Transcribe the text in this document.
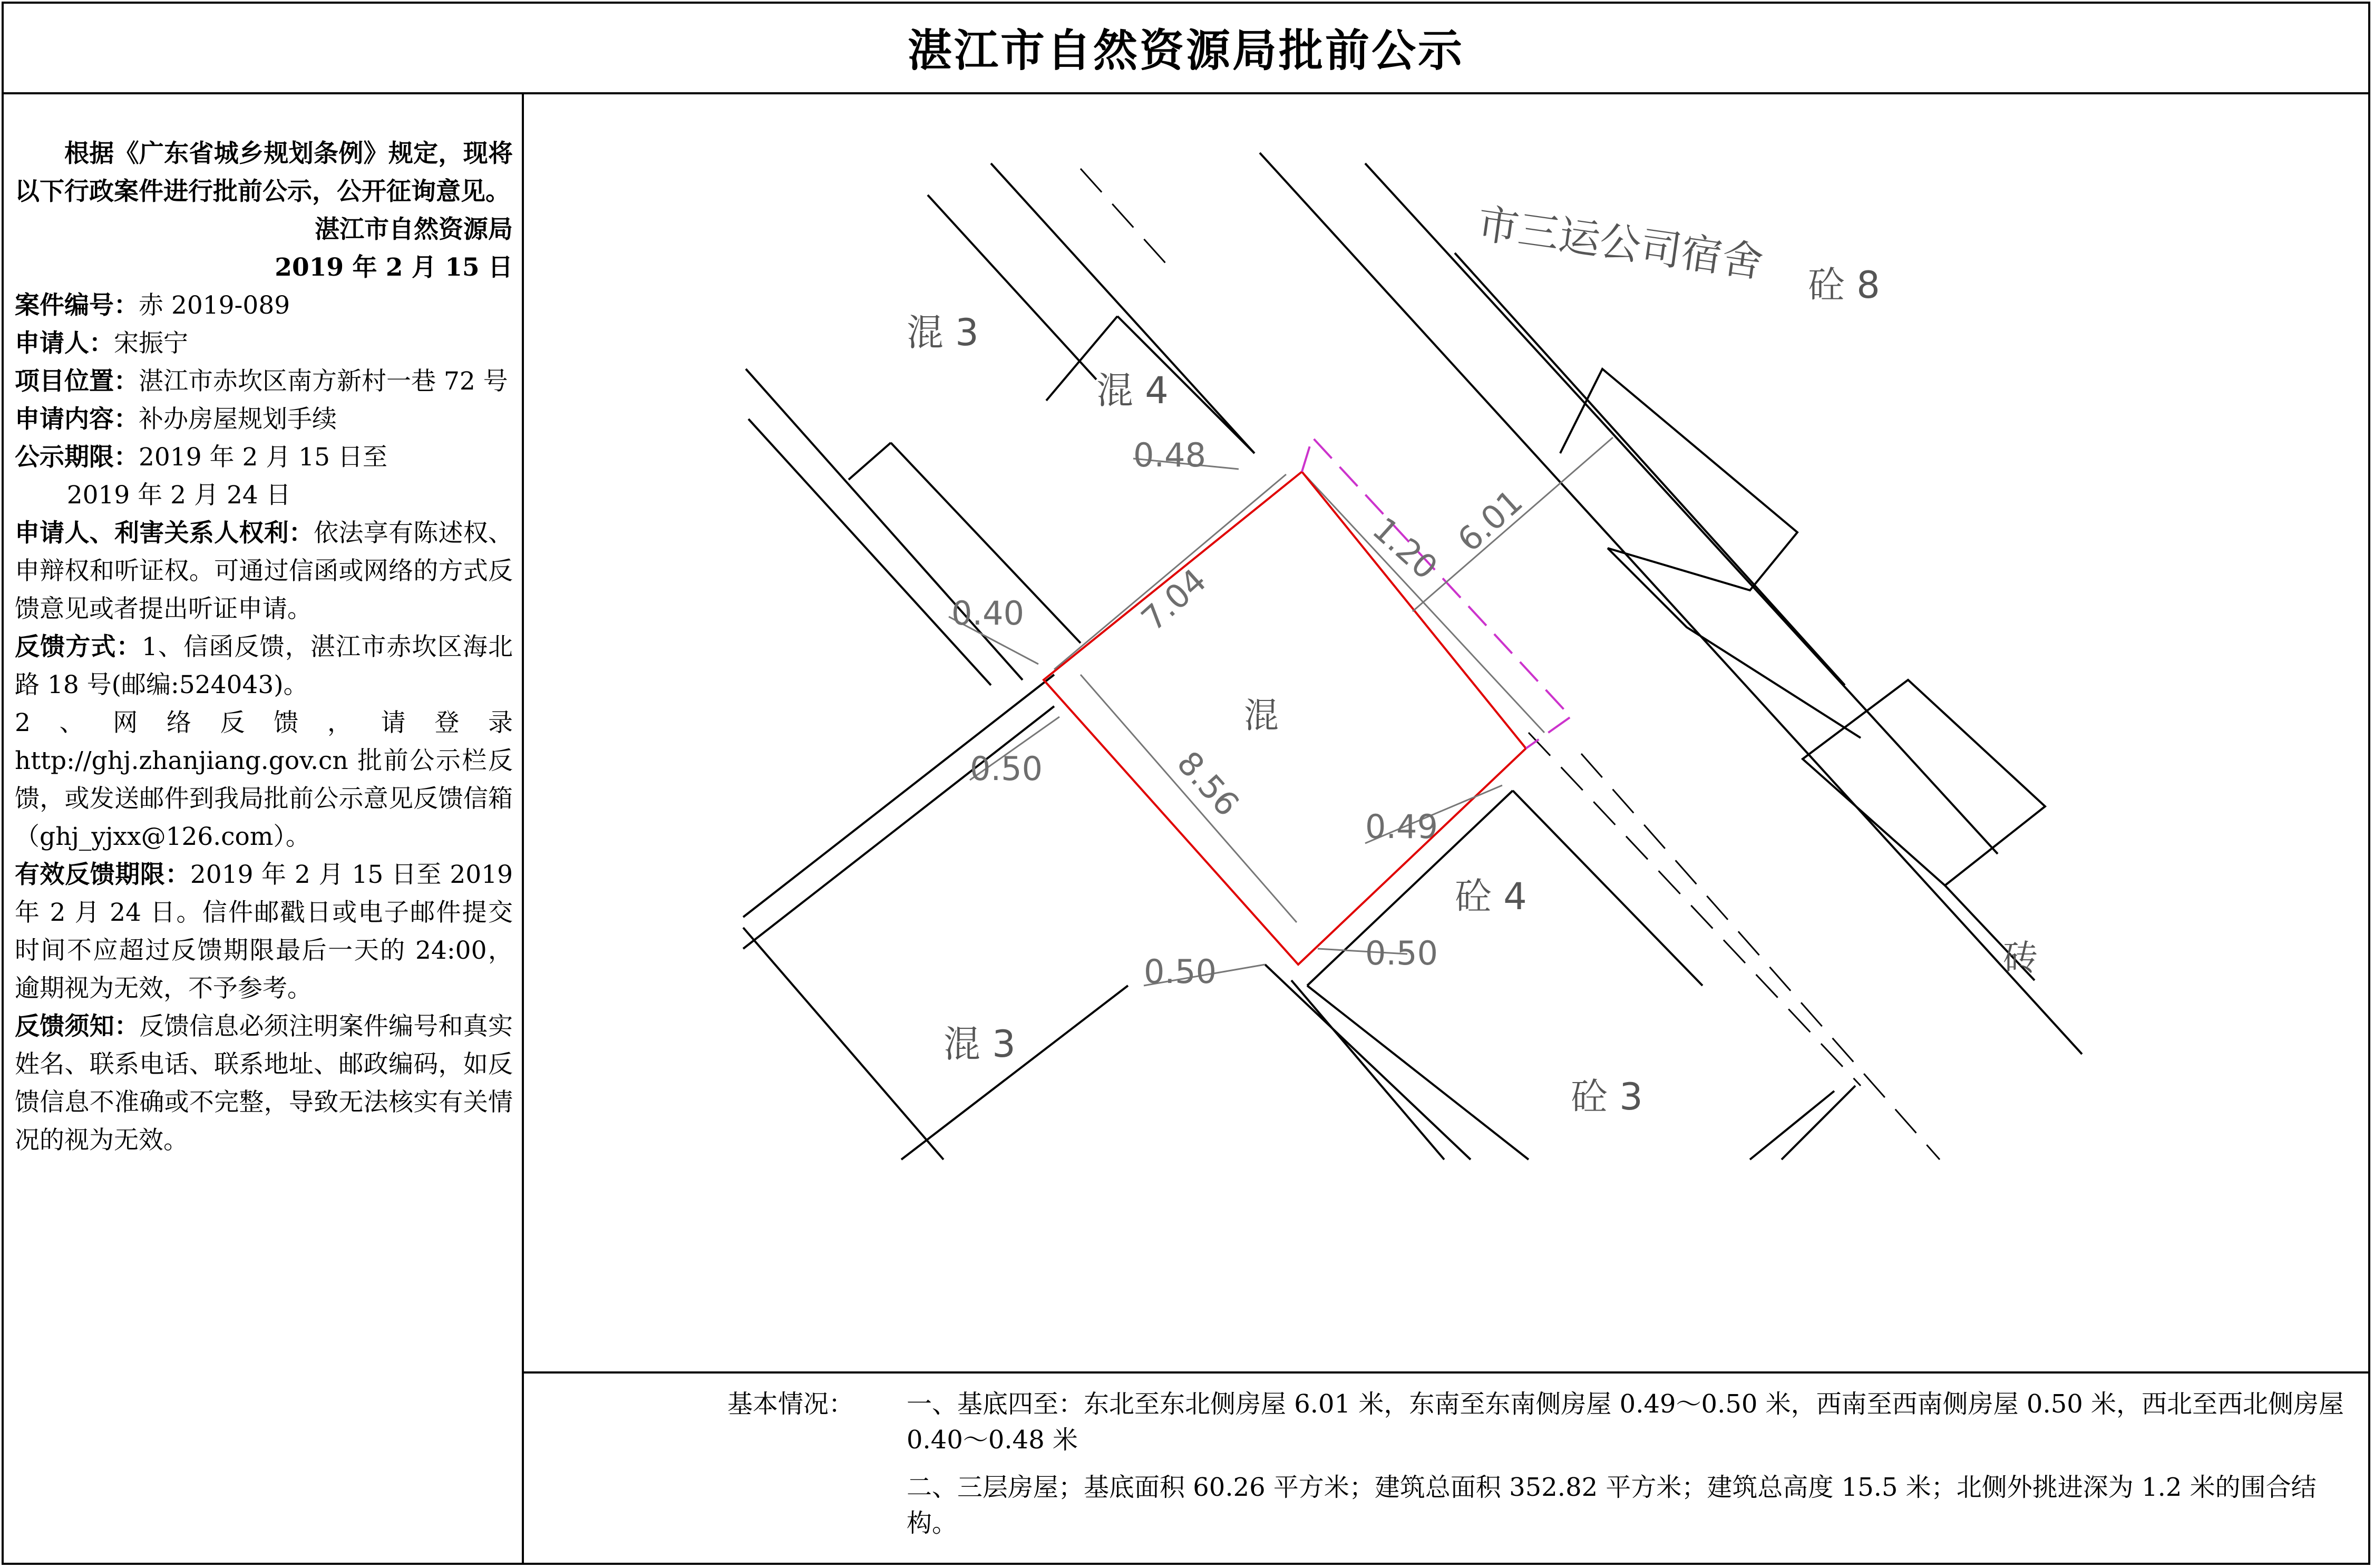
湛江市自然资源局批前公示

根据《广东省城乡规划条例》规定，现将以下行政案件进行批前公示，公开征询意见。

湛江市自然资源局

2019 年 2 月 15 日

案件编号：赤 2019-089

申请人：宋振宁

项目位置：湛江市赤坎区南方新村一巷 72 号

申请内容：补办房屋规划手续

公示期限：2019 年 2 月 15 日至

2019 年 2 月 24 日

申请人、利害关系人权利：依法享有陈述权、申辩权和听证权。可通过信函或网络的方式反馈意见或者提出听证申请。

反馈方式：1、信函反馈，湛江市赤坎区海北路 18 号(邮编:524043)。

2、网络反馈，请登录 http://ghj.zhanjiang.gov.cn 批前公示栏反馈，或发送邮件到我局批前公示意见反馈信箱（ghj_yjxx@126.com）。

有效反馈期限：2019 年 2 月 15 日至 2019 年 2 月 24 日。信件邮戳日或电子邮件提交时间不应超过反馈期限最后一天的 24:00，逾期视为无效，不予参考。

反馈须知：反馈信息必须注明案件编号和真实姓名、联系电话、联系地址、邮政编码，如反馈信息不准确或不完整，导致无法核实有关情况的视为无效。

市三运公司宿舍
混 3
混 4
砼 8
混
砼 4
混 3
砼 3
砖
0.48
1.20 6.01
7.04
0.40
0.50	8.56
0.49
0.50	0.50
基本情况： 一、基底四至：东北至东北侧房屋 6.01 米，东南至东南侧房屋 0.49～0.50 米，西南至西南侧房屋 0.50 米，西北至西北侧房屋 0.40～0.48 米

二、三层房屋；基底面积 60.26 平方米；建筑总面积 352.82 平方米；建筑总高度 15.5 米；北侧外挑进深为 1.2 米的围合结构。
